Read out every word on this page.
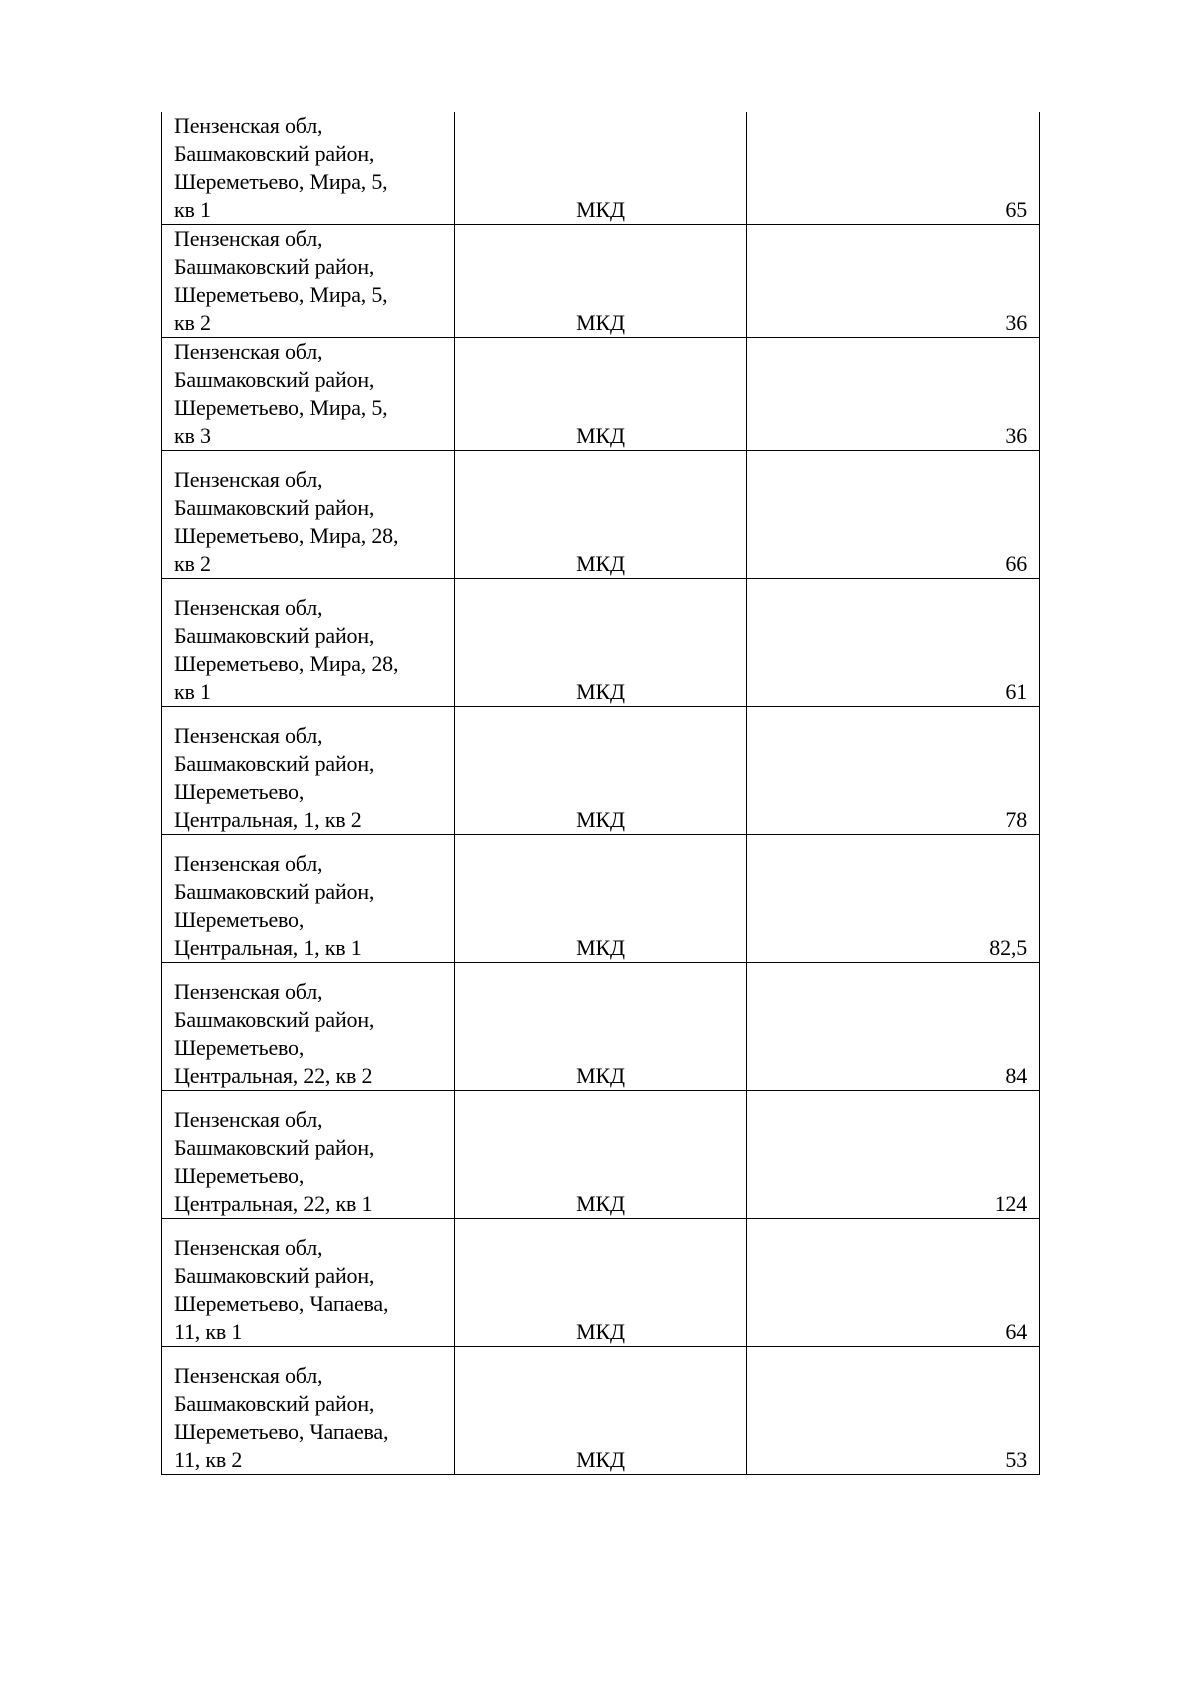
Пензенская обл,
Башмаковский район,
Шереметьево, Мира, 5,
кв 1	МКД	65

Пензенская обл,
Башмаковский район,
Шереметьево, Мира, 5,
кв 2	МКД	36

Пензенская обл,
Башмаковский район,
Шереметьево, Мира, 5,
кв 3	МКД	36

Пензенская обл,
Башмаковский район,
Шереметьево, Мира, 28,
кв 2	МКД	66

Пензенская обл,
Башмаковский район,
Шереметьево, Мира, 28,
кв 1	МКД	61

Пензенская обл,
Башмаковский район,
Шереметьево,
Центральная, 1, кв 2	МКД	78

Пензенская обл,
Башмаковский район,
Шереметьево,
Центральная, 1, кв 1	МКД	82,5

Пензенская обл,
Башмаковский район,
Шереметьево,
Центральная, 22, кв 2	МКД	84

Пензенская обл,
Башмаковский район,
Шереметьево,
Центральная, 22, кв 1	МКД	124

Пензенская обл,
Башмаковский район,
Шереметьево, Чапаева,
11, кв 1	МКД	64

Пензенская обл,
Башмаковский район,
Шереметьево, Чапаева,
11, кв 2	МКД	53
